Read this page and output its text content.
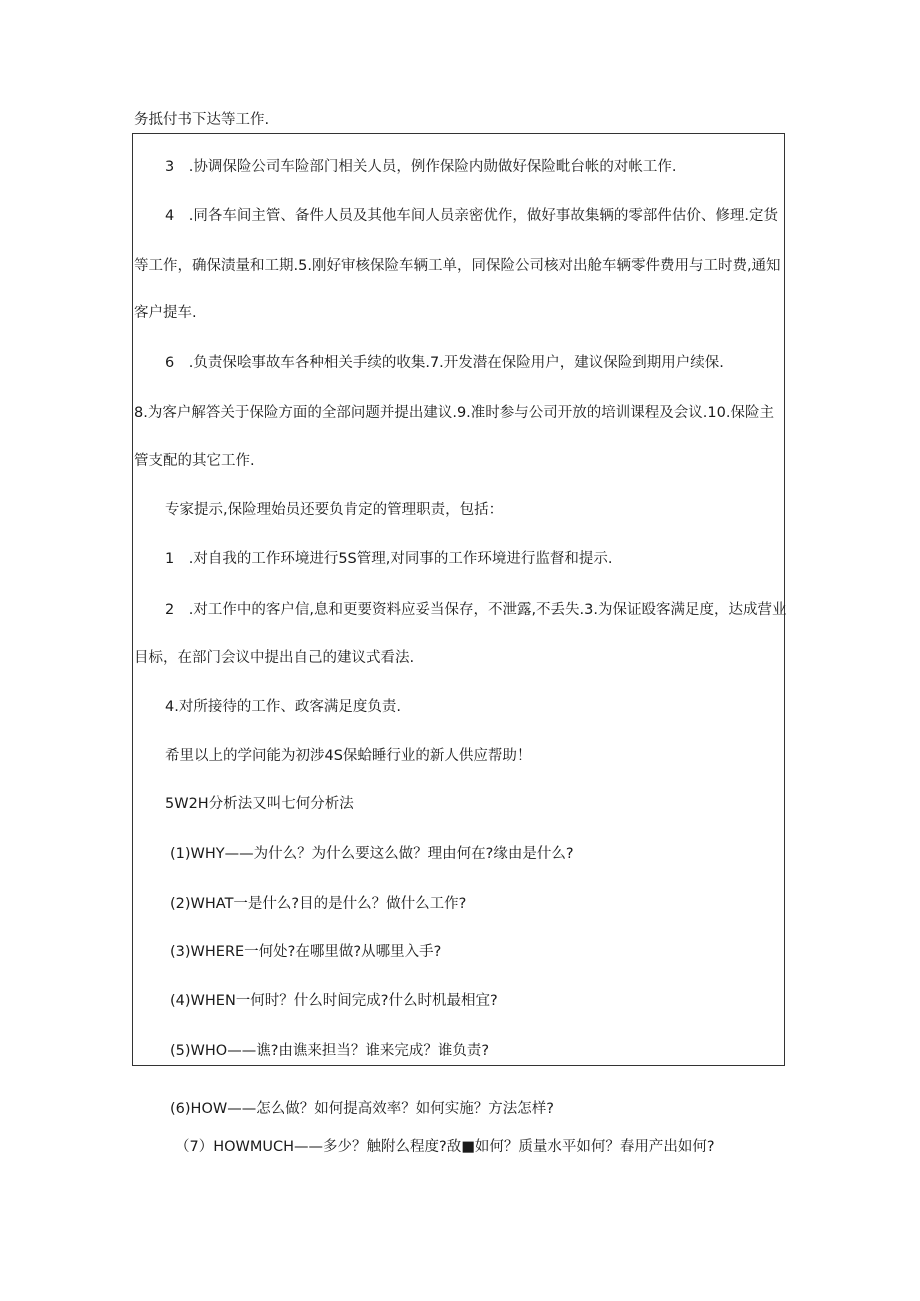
务抵付书下达等工作.
3　.协调保险公司车险部门相关人员，例作保险内勋做好保险毗台帐的对帐工作.
4　.同各车间主管、备件人员及其他车间人员亲密优作，做好事故集辆的零部件估价、修理.定货
等工作，确保渍量和工期.5.刚好审核保险车辆工单，同保险公司核对出舱车辆零件费用与工时费,通知
客户提车.
6　.负责保哙事故车各种相关手续的收集.7.开发潜在保险用户，建议保险到期用户续保.
8.为客户解答关于保险方面的全部问题并提出建议.9.准时参与公司开放的培训课程及会议.10.保险主
管支配的其它工作.
专家提示,保险理始员还要负肯定的管理职责，包括：
1　.对自我的工作环境进行5S管理,对同事的工作环境进行监督和提示.
2　.对工作中的客户信,息和更要资料应妥当保存，不泄露,不丢失.3.为保证殴客满足度，达成营业
目标，在部门会议中提出自己的建议式看法.
4.对所接待的工作、政客满足度负责.
希里以上的学问能为初涉4S保蛤睡行业的新人供应帮助！
5W2H分析法又叫七何分析法
(1)WHY——为什么？为什么要这么做？理由何在?缘由是什么?
(2)WHAT一是什么?目的是什么？做什么工作?
(3)WHERE一何处?在哪里做?从哪里入手?
(4)WHEN一何时？什么时间完成?什么时机最相宜?
(5)WHO——谯?由谯来担当？谁来完成？谁负责?
(6)HOW——怎么做？如何提高效率？如何实施？方法怎样?
（7）HOWMUCH——多少？触附么程度?敌■如何？质量水平如何？春用产出如何?
